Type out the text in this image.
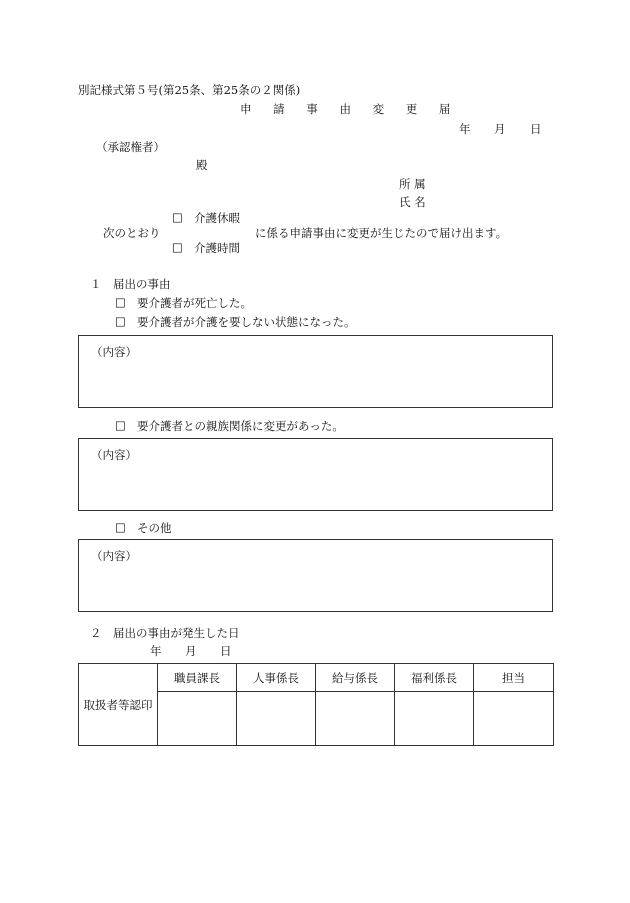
別記様式第５号(第25条、第25条の２関係)
申 請 事 由 変 更 届
年 月 日
（承認権者）
殿
所 属
氏 名
□ 介護休暇
次のとおり	に係る申請事由に変更が生じたので届け出ます。
□ 介護時間
１　届出の事由
□ 要介護者が死亡した。
□ 要介護者が介護を要しない状態になった。
（内容）
□ 要介護者との親族関係に変更があった。
（内容）
□ その他
（内容）
２　届出の事由が発生した日
年 月 日
取扱者等認印	職員課長	人事係長	給与係長	福利係長	担当
